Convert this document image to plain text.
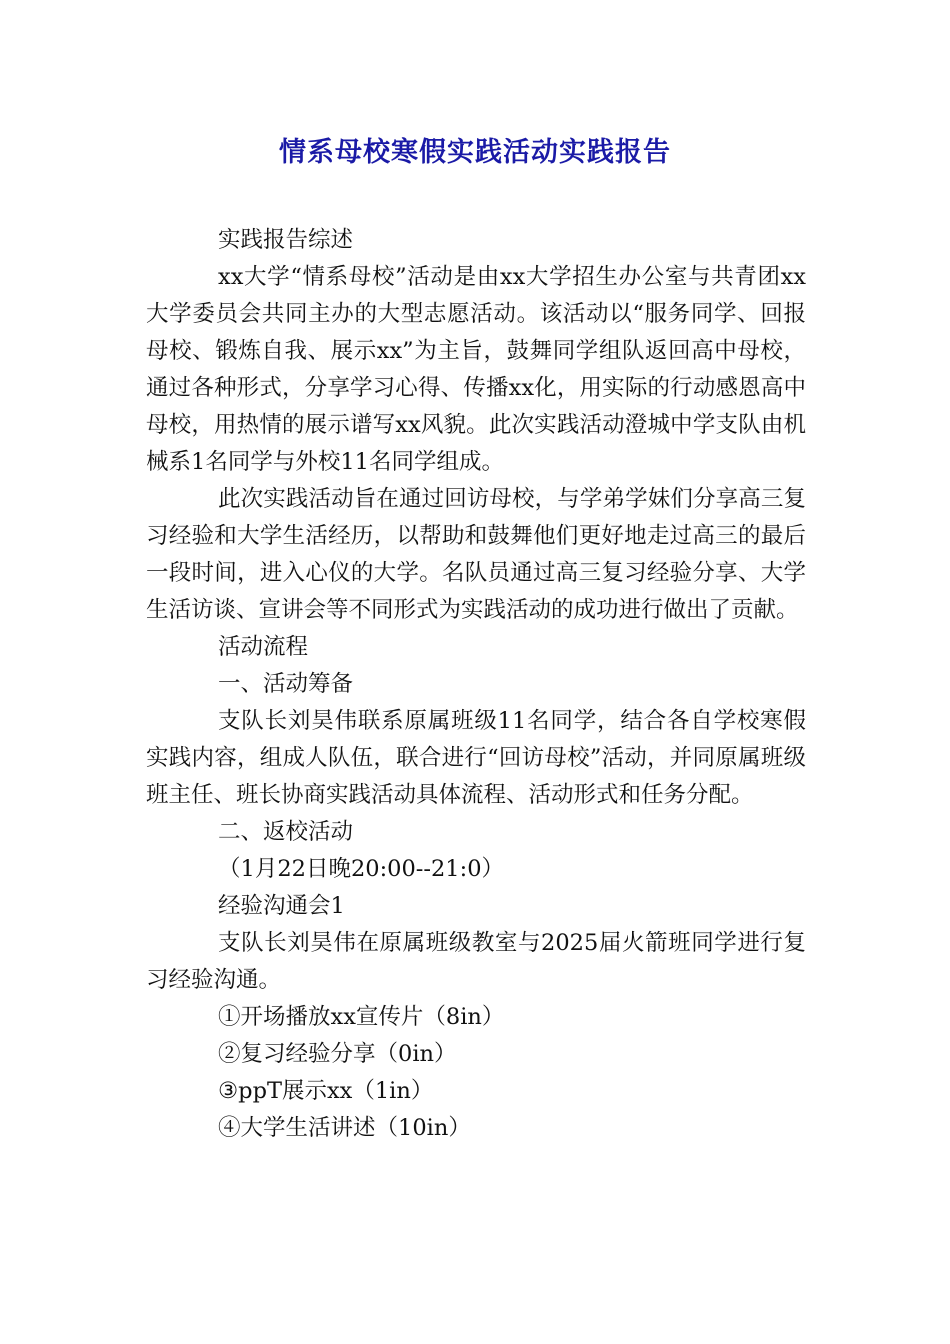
情系母校寒假实践活动实践报告

实践报告综述

xx大学“情系母校”活动是由xx大学招生办公室与共青团xx大学委员会共同主办的大型志愿活动。该活动以“服务同学、回报母校、锻炼自我、展示xx”为主旨，鼓舞同学组队返回高中母校，通过各种形式，分享学习心得、传播xx化，用实际的行动感恩高中母校，用热情的展示谱写xx风貌。此次实践活动澄城中学支队由机械系1名同学与外校11名同学组成。

此次实践活动旨在通过回访母校，与学弟学妹们分享高三复习经验和大学生活经历，以帮助和鼓舞他们更好地走过高三的最后一段时间，进入心仪的大学。名队员通过高三复习经验分享、大学生活访谈、宣讲会等不同形式为实践活动的成功进行做出了贡献。

活动流程

一、活动筹备

支队长刘昊伟联系原属班级11名同学，结合各自学校寒假实践内容，组成人队伍，联合进行“回访母校”活动，并同原属班级班主任、班长协商实践活动具体流程、活动形式和任务分配。

二、返校活动

（1月22日晚20:00--21:0）

经验沟通会1

支队长刘昊伟在原属班级教室与2025届火箭班同学进行复习经验沟通。

①开场播放xx宣传片（8in）

②复习经验分享（0in）

③ppT展示xx（1in）

④大学生活讲述（10in）
